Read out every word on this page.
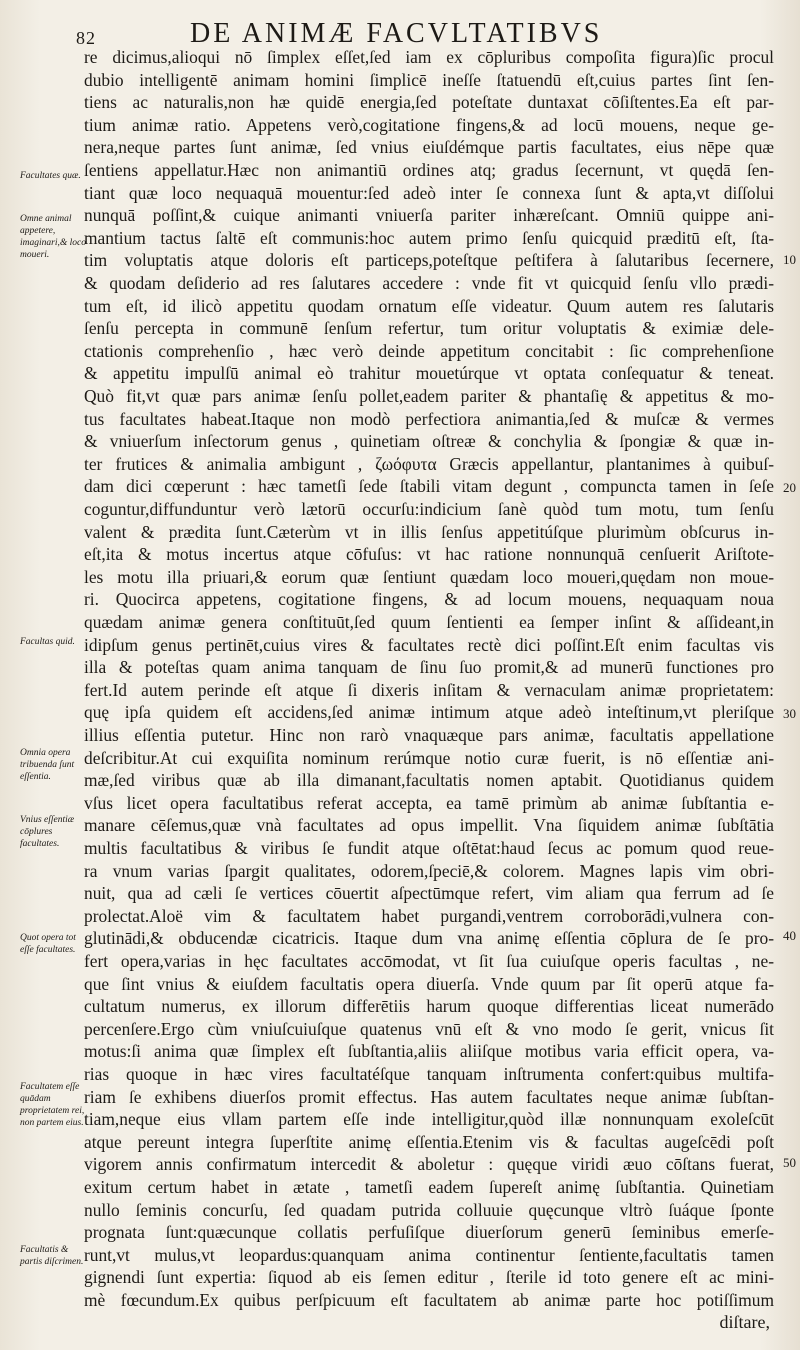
82	DE ANIMÆ FACVLTATIBVS
Facultates quæ.
Omne animal appetere, imaginari,& loco moueri.
Facultas quid.
Omnia opera tribuenda ſunt eſſentia.
Vnius eſſentiæ cōplures facultates.
Quot opera tot eſſe facultates.
Facultatem eſſe quādam proprietatem rei, non partem eius.
Facultatis & partis diſcrimen.
re dicimus,alioqui nō ſimplex eſſet,ſed iam ex cōpluribus compoſita figura)ſic procul
dubio intelligentē animam homini ſimplicē ineſſe ſtatuendū eſt,cuius partes ſint ſen-
tiens ac naturalis,non hæ quidē energia,ſed poteſtate duntaxat cōſiſtentes.Ea eſt par-
tium animæ ratio. Appetens verò,cogitatione fingens,& ad locū mouens, neque ge-
nera,neque partes ſunt animæ, ſed vnius eiuſdémque partis facultates, eius nēpe quæ
ſentiens appellatur.Hæc non animantiū ordines atq; gradus ſecernunt, vt quędā ſen-
tiant quæ loco nequaquā mouentur:ſed adeò inter ſe connexa ſunt & apta,vt diſſolui
nunquā poſſint,& cuique animanti vniuerſa pariter inhæreſcant. Omniū quippe ani-
mantium tactus ſaltē eſt communis:hoc autem primo ſenſu quicquid præditū eſt, ſta-
tim voluptatis atque doloris eſt particeps,poteſtque peſtifera à ſalutaribus ſecernere,
& quodam deſiderio ad res ſalutares accedere : vnde fit vt quicquid ſenſu vllo prædi-
tum eſt, id ilicò appetitu quodam ornatum eſſe videatur. Quum autem res ſalutaris
ſenſu percepta in communē ſenſum refertur, tum oritur voluptatis & eximiæ dele-
ctationis comprehenſio , hæc verò deinde appetitum concitabit : ſic comprehenſione
& appetitu impulſū animal eò trahitur mouetúrque vt optata conſequatur & teneat.
Quò fit,vt quæ pars animæ ſenſu pollet,eadem pariter & phantaſię & appetitus & mo-
tus facultates habeat.Itaque non modò perfectiora animantia,ſed & muſcæ & vermes
& vniuerſum inſectorum genus , quinetiam oſtreæ & conchylia & ſpongiæ & quæ in-
ter frutices & animalia ambigunt , ζωόφυτα Græcis appellantur, plantanimes à quibuſ-
dam dici cœperunt : hæc tametſi ſede ſtabili vitam degunt , compuncta tamen in ſeſe
coguntur,diffunduntur verò lætorū occurſu:indicium ſanè quòd tum motu, tum ſenſu
valent & prædita ſunt.Cæterùm vt in illis ſenſus appetitúſque plurimùm obſcurus in-
eſt,ita & motus incertus atque cōfuſus: vt hac ratione nonnunquā cenſuerit Ariſtote-
les motu illa priuari,& eorum quæ ſentiunt quædam loco moueri,quędam non moue-
ri. Quocirca appetens, cogitatione fingens, & ad locum mouens, nequaquam noua
quædam animæ genera conſtituūt,ſed quum ſentienti ea ſemper inſint & aſſideant,in
idipſum genus pertinēt,cuius vires & facultates rectè dici poſſint.Eſt enim facultas vis
illa & poteſtas quam anima tanquam de ſinu ſuo promit,& ad munerū functiones pro
fert.Id autem perinde eſt atque ſi dixeris inſitam & vernaculam animæ proprietatem:
quę ipſa quidem eſt accidens,ſed animæ intimum atque adeò inteſtinum,vt pleriſque
illius eſſentia putetur. Hinc non rarò vnaquæque pars animæ, facultatis appellatione
deſcribitur.At cui exquiſita nominum rerúmque notio curæ fuerit, is nō eſſentiæ ani-
mæ,ſed viribus quæ ab illa dimanant,facultatis nomen aptabit. Quotidianus quidem
vſus licet opera facultatibus referat accepta, ea tamē primùm ab animæ ſubſtantia e-
manare cēſemus,quæ vnà facultates ad opus impellit. Vna ſiquidem animæ ſubſtātia
multis facultatibus & viribus ſe fundit atque oſtētat:haud ſecus ac pomum quod reue-
ra vnum varias ſpargit qualitates, odorem,ſpeciē,& colorem. Magnes lapis vim obri-
nuit, qua ad cæli ſe vertices cōuertit aſpectūmque refert, vim aliam qua ferrum ad ſe
prolectat.Aloë vim & facultatem habet purgandi,ventrem corroborādi,vulnera con-
glutinādi,& obducendæ cicatricis. Itaque dum vna animę eſſentia cōplura de ſe pro-
fert opera,varias in hęc facultates accōmodat, vt ſit ſua cuiuſque operis facultas , ne-
que ſint vnius & eiuſdem facultatis opera diuerſa. Vnde quum par ſit operū atque fa-
cultatum numerus, ex illorum differētiis harum quoque differentias liceat numerādo
percenſere.Ergo cùm vniuſcuiuſque quatenus vnū eſt & vno modo ſe gerit, vnicus ſit
motus:ſi anima quæ ſimplex eſt ſubſtantia,aliis aliiſque motibus varia efficit opera, va-
rias quoque in hæc vires facultatéſque tanquam inſtrumenta confert:quibus multifa-
riam ſe exhibens diuerſos promit effectus. Has autem facultates neque animæ ſubſtan-
tiam,neque eius vllam partem eſſe inde intelligitur,quòd illæ nonnunquam exoleſcūt
atque pereunt integra ſuperſtite animę eſſentia.Etenim vis & facultas augeſcēdi poſt
vigorem annis confirmatum intercedit & aboletur : quęque viridi æuo cōſtans fuerat,
exitum certum habet in ætate , tametſi eadem ſupereſt animę ſubſtantia. Quinetiam
nullo ſeminis concurſu, ſed quadam putrida colluuie quęcunque vltrò ſuáque ſponte
prognata ſunt:quæcunque collatis perfuſiſque diuerſorum generū ſeminibus emerſe-
runt,vt mulus,vt leopardus:quanquam anima continentur ſentiente,facultatis tamen
gignendi ſunt expertia: ſiquod ab eis ſemen editur , ſterile id toto genere eſt ac mini-
mè fœcundum.Ex quibus perſpicuum eſt facultatem ab animæ parte hoc potiſſimum
10
20
30
40
50
diſtare,
